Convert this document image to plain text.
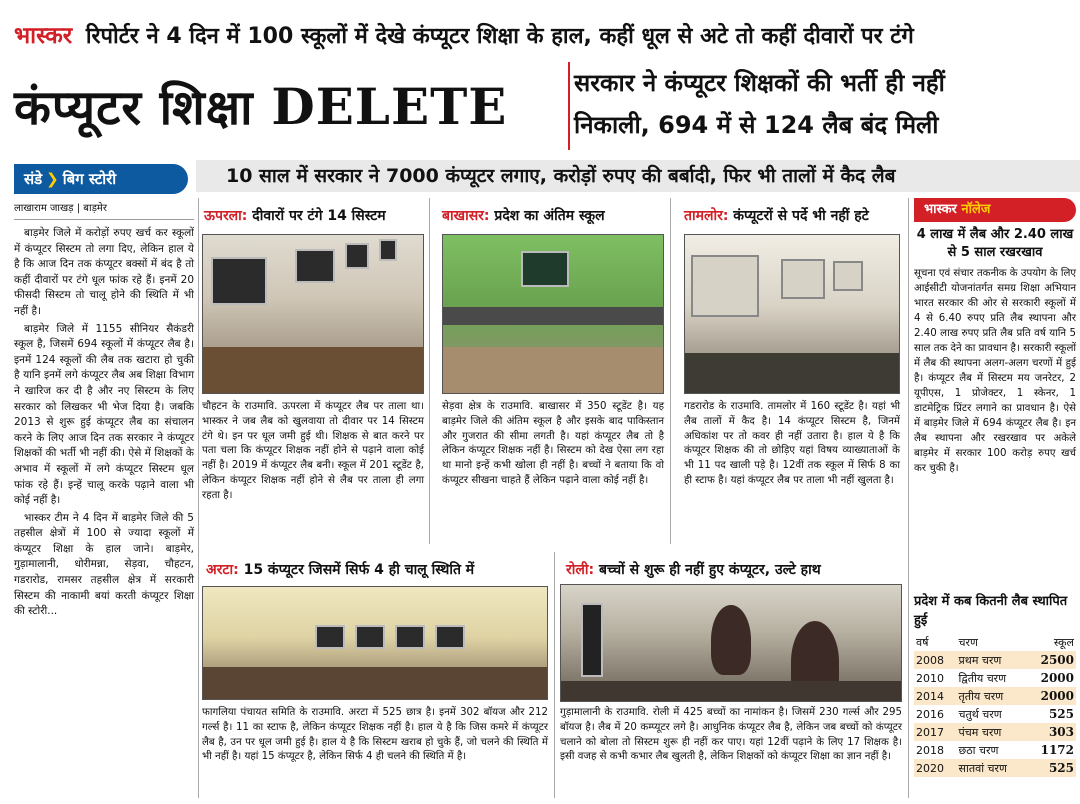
भास्कर रिपोर्टर ने 4 दिन में 100 स्कूलों में देखे कंप्यूटर शिक्षा के हाल, कहीं धूल से अटे तो कहीं दीवारों पर टंगे
कंप्यूटर शिक्षा DELETE	सरकार ने कंप्यूटर शिक्षकों की भर्ती ही नहीं
निकाली, 694 में से 124 लैब बंद मिली
संडे ❯ बिग स्टोरी	10 साल में सरकार ने 7000 कंप्यूटर लगाए, करोड़ों रुपए की बर्बादी, फिर भी तालों में कैद लैब
लाखाराम जाखड़ | बाड़मेर

बाड़मेर जिले में करोड़ों रुपए खर्च कर स्कूलों में कंप्यूटर सिस्टम तो लगा दिए, लेकिन हाल ये है कि आज दिन तक कंप्यूटर बक्सों में बंद है तो कहीं दीवारों पर टंगे धूल फांक रहे हैं। इनमें 20 फीसदी सिस्टम तो चालू होने की स्थिति में भी नहीं है।

बाड़मेर जिले में 1155 सीनियर सैकंडरी स्कूल है, जिसमें 694 स्कूलों में कंप्यूटर लैब है। इनमें 124 स्कूलों की लैब तक खटारा हो चुकी है यानि इनमें लगे कंप्यूटर लैब अब शिक्षा विभाग ने खारिज कर दी है और नए सिस्टम के लिए सरकार को लिखकर भी भेज दिया है। जबकि 2013 से शुरू हुई कंप्यूटर लैब का संचालन करने के लिए आज दिन तक सरकार ने कंप्यूटर शिक्षकों की भर्ती भी नहीं की। ऐसे में शिक्षकों के अभाव में स्कूलों में लगे कंप्यूटर सिस्टम धूल फांक रहे हैं। इन्हें चालू करके पढ़ाने वाला भी कोई नहीं है।

भास्कर टीम ने 4 दिन में बाड़मेर जिले की 5 तहसील क्षेत्रों में 100 से ज्यादा स्कूलों में कंप्यूटर शिक्षा के हाल जाने। बाड़मेर, गुड़ामालानी, धोरीमन्ना, सेड़वा, चौहटन, गडरारोड, रामसर तहसील क्षेत्र में सरकारी सिस्टम की नाकामी बयां करती कंप्यूटर शिक्षा की स्टोरी...

ऊपरला: दीवारों पर टंगे 14 सिस्टम
चौहटन के राउमावि. ऊपरला में कंप्यूटर लैब पर ताला था। भास्कर ने जब लैब को खुलवाया तो दीवार पर 14 सिस्टम टंगे थे। इन पर धूल जमी हुई थी। शिक्षक से बात करने पर पता चला कि कंप्यूटर शिक्षक नहीं होने से पढ़ाने वाला कोई नहीं है। 2019 में कंप्यूटर लैब बनी। स्कूल में 201 स्टूडेंट है, लेकिन कंप्यूटर शिक्षक नहीं होने से लैब पर ताला ही लगा रहता है।
बाखासर: प्रदेश का अंतिम स्कूल
सेड़वा क्षेत्र के राउमावि. बाखासर में 350 स्टूडेंट है। यह बाड़मेर जिले की अंतिम स्कूल है और इसके बाद पाकिस्तान और गुजरात की सीमा लगती है। यहां कंप्यूटर लैब तो है लेकिन कंप्यूटर शिक्षक नहीं है। सिस्टम को देख ऐसा लग रहा था मानो इन्हें कभी खोला ही नहीं है। बच्चों ने बताया कि वो कंप्यूटर सीखना चाहते हैं लेकिन पढ़ाने वाला कोई नहीं है।
तामलोर: कंप्यूटरों से पर्दे भी नहीं हटे
गडरारोड के राउमावि. तामलोर में 160 स्टूडेंट है। यहां भी लैब तालों में कैद है। 14 कंप्यूटर सिस्टम है, जिनमें अधिकांश पर तो कवर ही नहीं उतारा है। हाल ये है कि कंप्यूटर शिक्षक की तो छोड़िए यहां विषय व्याख्याताओं के भी 11 पद खाली पड़े है। 12वीं तक स्कूल में सिर्फ 8 का ही स्टाफ है। यहां कंप्यूटर लैब पर ताला भी नहीं खुलता है।
अरटा: 15 कंप्यूटर जिसमें सिर्फ 4 ही चालू स्थिति में
फागलिया पंचायत समिति के राउमावि. अरटा में 525 छात्र है। इनमें 302 बॉयज और 212 गर्ल्स है। 11 का स्टाफ है, लेकिन कंप्यूटर शिक्षक नहीं है। हाल ये है कि जिस कमरे में कंप्यूटर लैब है, उन पर धूल जमी हुई है। हाल ये है कि सिस्टम खराब हो चुके हैं, जो चलने की स्थिति में भी नहीं है। यहां 15 कंप्यूटर है, लेकिन सिर्फ 4 ही चलने की स्थिति में है।
रोली: बच्चों से शुरू ही नहीं हुए कंप्यूटर, उल्टे हाथ
गुड़ामालानी के राउमावि. रोली में 425 बच्चों का नामांकन है। जिसमें 230 गर्ल्स और 295 बॉयज है। लैब में 20 कम्प्यूटर लगे है। आधुनिक कंप्यूटर लैब है, लेकिन जब बच्चों को कंप्यूटर चलाने को बोला तो सिस्टम शुरू ही नहीं कर पाए। यहां 12वीं पढ़ाने के लिए 17 शिक्षक है। इसी वजह से कभी कभार लैब खुलती है, लेकिन शिक्षकों को कंप्यूटर शिक्षा का ज्ञान नहीं है।
भास्कर नॉलेज
4 लाख में लैब और 2.40 लाख से 5 साल रखरखाव
सूचना एवं संचार तकनीक के उपयोग के लिए आईसीटी योजनांतर्गत समग्र शिक्षा अभियान भारत सरकार की ओर से सरकारी स्कूलों में 4 से 6.40 रुपए प्रति लैब स्थापना और 2.40 लाख रुपए प्रति लैब प्रति वर्ष यानि 5 साल तक देने का प्रावधान है। सरकारी स्कूलों में लैब की स्थापना अलग-अलग चरणों में हुई है। कंप्यूटर लैब में सिस्टम मय जनरेटर, 2 यूपीएस, 1 प्रोजेक्टर, 1 स्केनर, 1 डाटमेट्रिक प्रिंटर लगाने का प्रावधान है। ऐसे में बाड़मेर जिले में 694 कंप्यूटर लैब है। इन लैब स्थापना और रखरखाव पर अकेले बाड़मेर में सरकार 100 करोड़ रुपए खर्च कर चुकी है।
प्रदेश में कब कितनी लैब स्थापित हुई
वर्ष	चरण	स्कूल
2008	प्रथम चरण	2500
2010	द्वितीय चरण	2000
2014	तृतीय चरण	2000
2016	चतुर्थ चरण	525
2017	पंचम चरण	303
2018	छठा चरण	1172
2020	सातवां चरण	525
